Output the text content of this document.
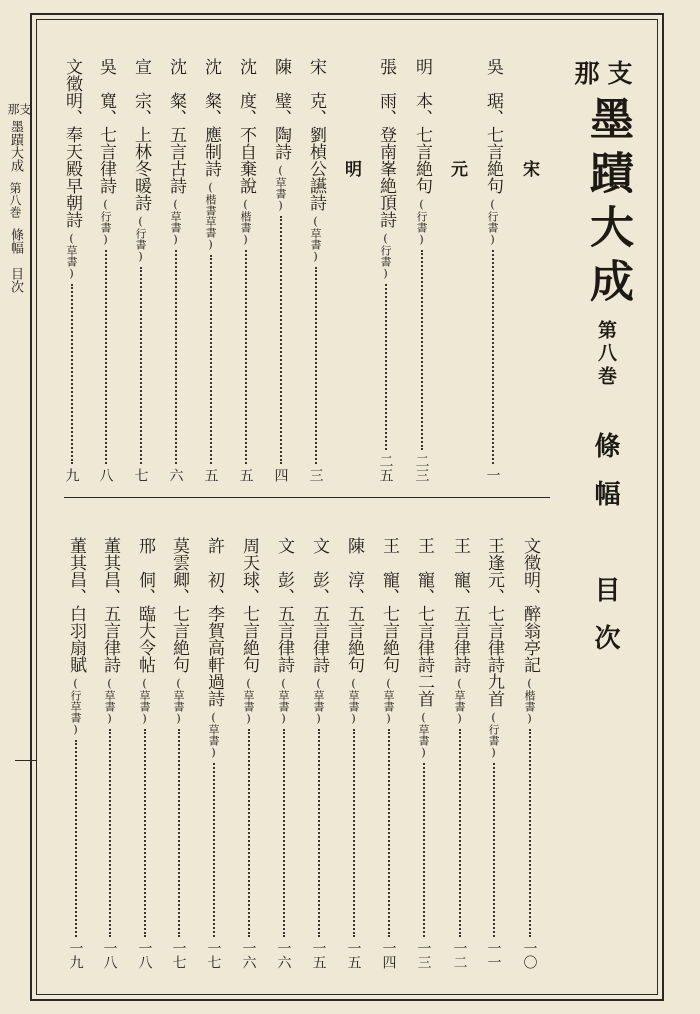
支
那
墨蹟大成
第八巻
條幅　目次
支
那
墨蹟大成
第八巻
條幅　目次
宋
元
明	吳　琚、七言絶句
(行書)
一
明　本、七言絶句
(行書)
二三
張　雨、登南峯絶頂詩
(行書)
二五
宋　克、劉楨公讌詩
(草書)
三
陳　璧、陶詩
(草書)
四
沈　度、不自棄說
(楷書)
五
沈　粲、應制詩
(楷書草書)
五
沈　粲、五言古詩
(草書)
六
宣　宗、上林冬暖詩
(行書)
七
吳　寬、七言律詩
(行書)
八
文徵明、奉天殿早朝詩
(草書)
九
文徵明、醉翁亭記
(楷書)
一〇
王逢元、七言律詩九首
(行書)
一一
王　寵、五言律詩
(草書)
一二
王　寵、七言律詩二首
(草書)
一三
王　寵、七言絶句
(草書)
一四
陳　淳、五言絶句
(草書)
一五
文　彭、五言律詩
(草書)
一五
文　彭、五言律詩
(草書)
一六
周天球、七言絶句
(草書)
一六
許　初、李賀高軒過詩
(草書)
一七
莫雲卿、七言絶句
(草書)
一七
邢　侗、臨大令帖
(草書)
一八
董其昌、五言律詩
(草書)
一八
董其昌、白羽扇賦
(行草書)
一九
